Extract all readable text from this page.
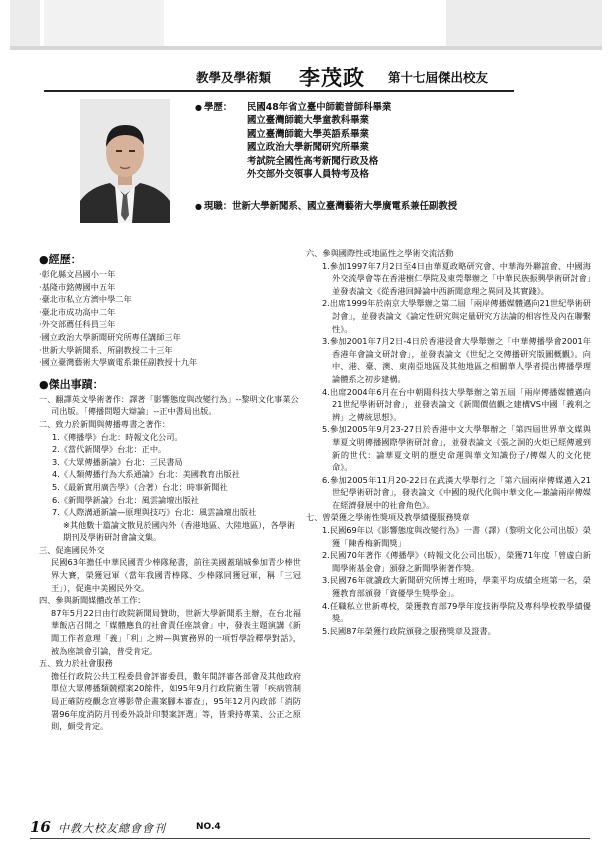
教學及學術類 李茂政 第十七屆傑出校友
● 學歷：	民國48年省立臺中師範普師科畢業
國立臺灣師範大學童教科畢業
國立臺灣師範大學英語系畢業
國立政治大學新聞研究所畢業
考試院全國性高考新聞行政及格
外交部外交領事人員特考及格
● 現職：世新大學新聞系、國立臺灣藝術大學廣電系兼任副教授
●經歷：
·彰化縣文昌國小一年
·基隆市銘傳國中五年
·臺北市私立方濟中學二年
·臺北市成功高中二年
·外交部薦任科員三年
·國立政治大學新聞研究所專任講師三年
·世新大學新聞系、所副教授二十三年
·國立臺灣藝術大學廣電系兼任副教授十九年
●傑出事蹟：
一、翻譯英文學術著作：譯著「影響態度與改變行為」--黎明文化事業公司出版。「傳播問題大辯論」--正中書局出版。
二、致力於新聞與傳播專書之著作：
1.《傳播學》台北：時報文化公司。
2.《當代新聞學》台北：正中。
3.《大眾傳播新論》台北：三民書局
4.《人類傳播行為大系通論》台北：美國教育出版社
5.《最新實用廣告學》（合著）台北：時事新聞社
6.《新聞學新論》台北：風雲論壇出版社
7.《人際溝通新論—原理與技巧》台北：風雲論壇出版社
※其他數十篇論文散見於國內外（香港地區、大陸地區），各學術期刊及學術研討會論文集。
三、促進國民外交
民國63年擔任中華民國青少棒隊秘書，前往美國蓋瑞城參加青少棒世界大賽，榮獲冠軍（當年我國青棒隊、少棒隊同獲冠軍，稱「三冠王」），促進中美國民外交。
四、參與新聞媒體改革工作：
87年5月22日由行政院新聞局贊助，世新大學新聞系主辦，在台北福華飯店召開之「媒體應負的社會責任座談會」中，發表主題演講《新聞工作者意理「義」「利」之辨—與實務界的一項哲學詮釋學對話》，被為座談會引論，普受肯定。
五、致力於社會服務
擔任行政院公共工程委員會評審委員，數年間評審各部會及其他政府單位大眾傳播類競標案20餘件，如95年9月行政院衛生署「疾病管制局正確防疫觀念宣導影帶企畫案腳本審查」，95年12月內政部「消防署96年度消防月刊委外設計印製案評選」等，皆秉持專業、公正之原則，頗受肯定。
六、參與國際性或地區性之學術交流活動
1.參加1997年7月2日至4日由華夏政略研究會、中華海外聯誼會、中國海外交流學會等在香港樹仁學院及東莞舉辦之「中華民族振興學術研討會」並發表論文《從香港回歸論中西新聞意理之異同及其實踐》。
2.出席1999年於南京大學舉辦之第二屆「兩岸傳播媒體邁向21世紀學術研討會」，並發表論文《論定性研究與定量研究方法論的相容性及內在聯繫性》。
3.參加2001年7月2日-4日於香港浸會大學舉辦之「中華傳播學會2001年香港年會論文研討會」，並發表論文《世紀之交傳播研究版圖概觀》。向中、港、臺、澳、東南亞地區及其他地區之相關華人學者提出傳播學理論體系之初步建構。
4.出席2004年6月在台中朝陽科技大學舉辦之第五屆「兩岸傳播媒體邁向21世紀學術研討會」，並發表論文《新聞價值觀之建構VS中國「義利之辨」之傳統思想》。
5.參加2005年9月23-27日於香港中文大學舉辦之「第四屆世界華文媒與華夏文明傳播國際學術研討會」，並發表論文《張之洞的火炬已經傳遞到新的世代：論華夏文明的歷史命運與華文知識份子/傳媒人的文化使命》。
6.參加2005年11月20-22日在武漢大學舉行之「第六屆兩岸傳媒邁入21世紀學術研討會」，發表論文《中國的現代化與中華文化—兼論兩岸傳媒在經濟發展中的社會角色》。
七、曾榮獲之學術性獎項及教學績優服務獎章
1.民國69年以《影響態度與改變行為》一書（譯）（黎明文化公司出版）榮獲「陳香梅新聞獎」
2.民國70年著作《傳播學》（時報文化公司出版），榮獲71年度「曾虛白新聞學術基金會」頒發之新聞學術著作獎。
3.民國76年就讀政大新聞研究所博士班時，學業平均成績全班第一名，榮獲教育部頒發「資優學生獎學金」。
4.任職私立世新專校，榮獲教育部79學年度技術學院及專科學校教學績優獎。
5.民國87年榮獲行政院頒發之服務獎章及證書。
16 中教大校友總會會刊	NO.4
